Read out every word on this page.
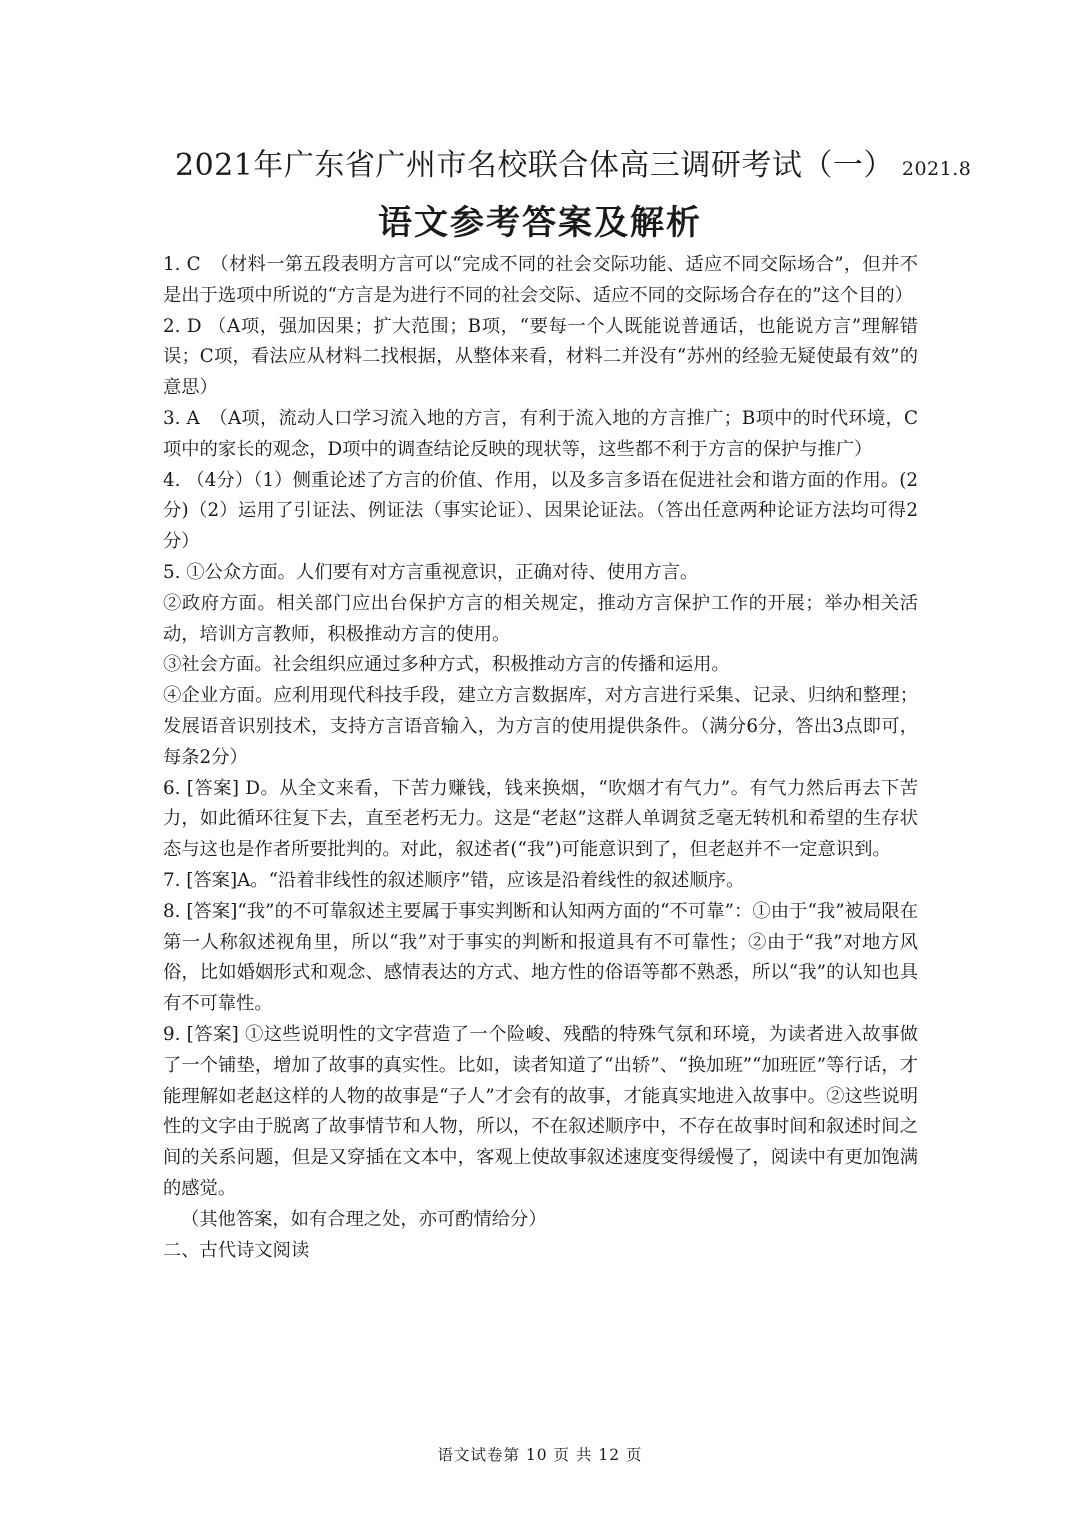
2021年广东省广州市名校联合体高三调研考试（一） 2021.8
语文参考答案及解析

1. C　（材料一第五段表明方言可以“完成不同的社会交际功能、适应不同交际场合”，但并不是出于选项中所说的“方言是为进行不同的社会交际、适应不同的交际场合存在的”这个目的）

2. D （A项，强加因果；扩大范围；B项，“要每一个人既能说普通话，也能说方言”理解错误；C项，看法应从材料二找根据，从整体来看，材料二并没有“苏州的经验无疑使最有效”的意思）

3. A　（A项，流动人口学习流入地的方言，有利于流入地的方言推广；B项中的时代环境，C项中的家长的观念，D项中的调查结论反映的现状等，这些都不利于方言的保护与推广）

4. （4分）（1）侧重论述了方言的价值、作用，以及多言多语在促进社会和谐方面的作用。(2分)（2）运用了引证法、例证法（事实论证）、因果论证法。（答出任意两种论证方法均可得2分）

5. ①公众方面。人们要有对方言重视意识，正确对待、使用方言。

②政府方面。相关部门应出台保护方言的相关规定，推动方言保护工作的开展；举办相关活动，培训方言教师，积极推动方言的使用。

③社会方面。社会组织应通过多种方式，积极推动方言的传播和运用。

④企业方面。应利用现代科技手段，建立方言数据库，对方言进行采集、记录、归纳和整理；发展语音识别技术，支持方言语音输入，为方言的使用提供条件。（满分6分，答出3点即可，每条2分）

6. [答案] D。从全文来看，下苦力赚钱，钱来换烟，“吹烟才有气力”。有气力然后再去下苦力，如此循环往复下去，直至老朽无力。这是“老赵”这群人单调贫乏毫无转机和希望的生存状态与这也是作者所要批判的。对此，叙述者(“我”)可能意识到了，但老赵并不一定意识到。

7. [答案]A。“沿着非线性的叙述顺序”错，应该是沿着线性的叙述顺序。

8. [答案]“我”的不可靠叙述主要属于事实判断和认知两方面的“不可靠”：①由于“我”被局限在第一人称叙述视角里，所以“我”对于事实的判断和报道具有不可靠性；②由于“我”对地方风俗，比如婚姻形式和观念、感情表达的方式、地方性的俗语等都不熟悉，所以“我”的认知也具有不可靠性。

9. [答案] ①这些说明性的文字营造了一个险峻、残酷的特殊气氛和环境，为读者进入故事做了一个铺垫，增加了故事的真实性。比如，读者知道了“出轿”、“换加班”“加班匠”等行话，才能理解如老赵这样的人物的故事是“子人”才会有的故事，才能真实地进入故事中。②这些说明性的文字由于脱离了故事情节和人物，所以，不在叙述顺序中，不存在故事时间和叙述时间之间的关系问题，但是又穿插在文本中，客观上使故事叙述速度变得缓慢了，阅读中有更加饱满的感觉。

（其他答案，如有合理之处，亦可酌情给分）

二、古代诗文阅读

语文试卷第 10 页 共 12 页
